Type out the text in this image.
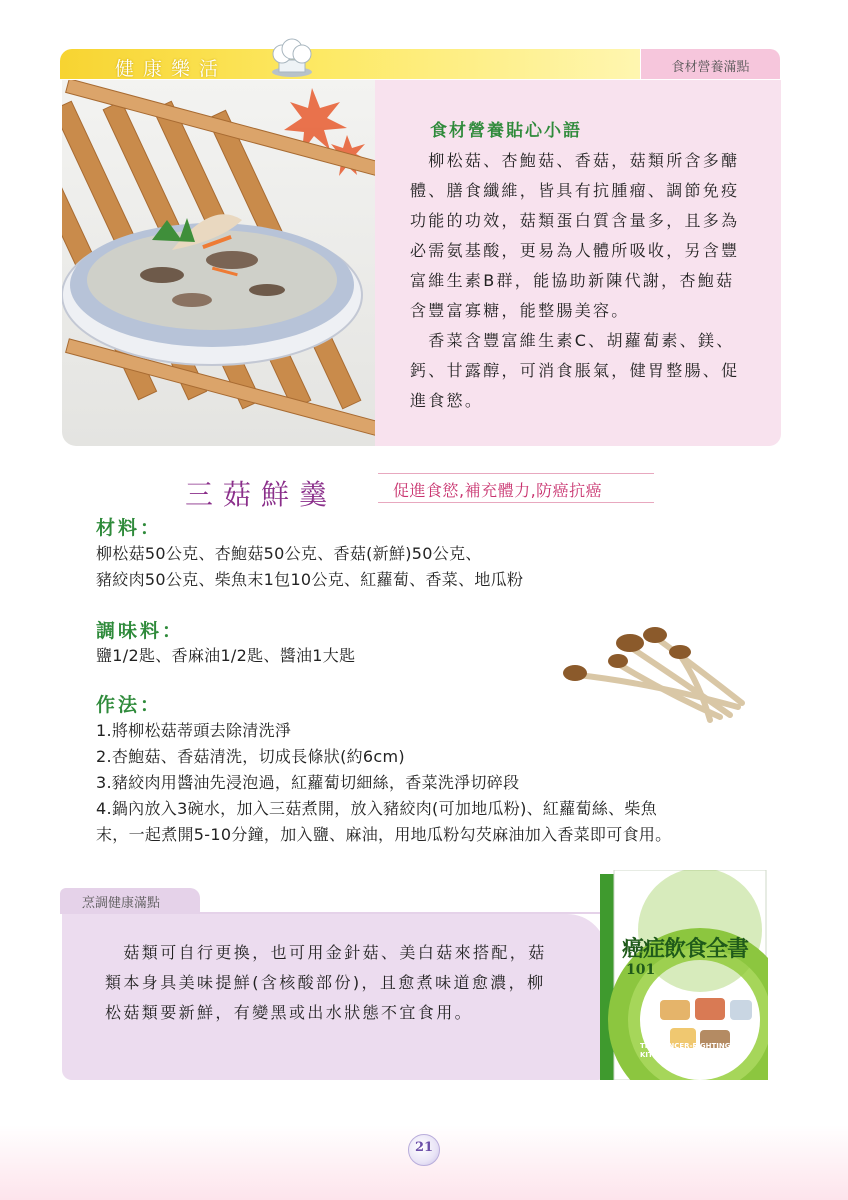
健康樂活	食材營養滿點
食材營養貼心小語
　柳松菇、杏鮑菇、香菇，菇類所含多醣
體、膳食纖維，皆具有抗腫瘤、調節免疫
功能的功效，菇類蛋白質含量多，且多為
必需氨基酸，更易為人體所吸收，另含豐
富維生素B群，能協助新陳代謝，杏鮑菇
含豐富寡糖，能整腸美容。
　香菜含豐富維生素C、胡蘿蔔素、鎂、
鈣、甘露醇，可消食脹氣，健胃整腸、促
進食慾。
三菇鮮羹	促進食慾,補充體力,防癌抗癌
材料：
柳松菇50公克、杏鮑菇50公克、香菇(新鮮)50公克、
豬絞肉50公克、柴魚末1包10公克、紅蘿蔔、香菜、地瓜粉
調味料：
鹽1/2匙、香麻油1/2匙、醬油1大匙
作法：
1.將柳松菇蒂頭去除清洗淨
2.杏鮑菇、香菇清洗，切成長條狀(約6cm)
3.豬絞肉用醬油先浸泡過，紅蘿蔔切細絲，香菜洗淨切碎段
4.鍋內放入3碗水，加入三菇煮開，放入豬絞肉(可加地瓜粉)、紅蘿蔔絲、柴魚
末，一起煮開5-10分鐘，加入鹽、麻油，用地瓜粉勾芡麻油加入香菜即可食用。
烹調健康滿點
　菇類可自行更換，也可用金針菇、美白菇來搭配，菇
類本身具美味提鮮(含核酸部份)，且愈煮味道愈濃，柳
松菇類要新鮮，有變黑或出水狀態不宜食用。
癌症飲食全書
101
THE CANCER-FIGHTING KITCHEN
21
